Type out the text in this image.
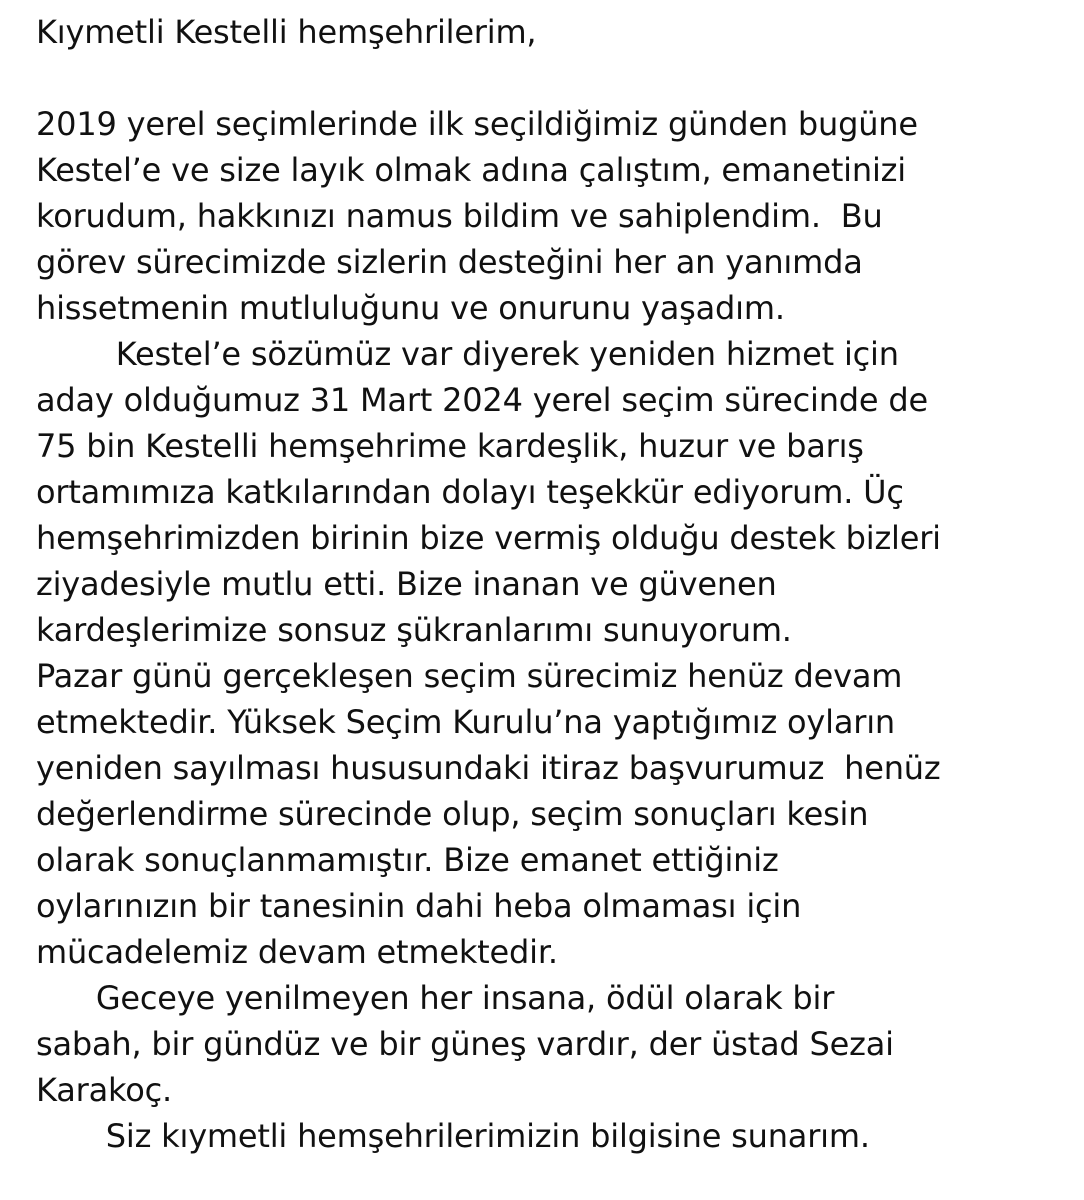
Kıymetli Kestelli hemşehrilerim,

2019 yerel seçimlerinde ilk seçildiğimiz günden bugüne

Kestel’e ve size layık olmak adına çalıştım, emanetinizi

korudum, hakkınızı namus bildim ve sahiplendim.  Bu

görev sürecimizde sizlerin desteğini her an yanımda

hissetmenin mutluluğunu ve onurunu yaşadım.

Kestel’e sözümüz var diyerek yeniden hizmet için

aday olduğumuz 31 Mart 2024 yerel seçim sürecinde de

75 bin Kestelli hemşehrime kardeşlik, huzur ve barış

ortamımıza katkılarından dolayı teşekkür ediyorum. Üç

hemşehrimizden birinin bize vermiş olduğu destek bizleri

ziyadesiyle mutlu etti. Bize inanan ve güvenen

kardeşlerimize sonsuz şükranlarımı sunuyorum.

Pazar günü gerçekleşen seçim sürecimiz henüz devam

etmektedir. Yüksek Seçim Kurulu’na yaptığımız oyların

yeniden sayılması hususundaki itiraz başvurumuz  henüz

değerlendirme sürecinde olup, seçim sonuçları kesin

olarak sonuçlanmamıştır. Bize emanet ettiğiniz

oylarınızın bir tanesinin dahi heba olmaması için

mücadelemiz devam etmektedir.

Geceye yenilmeyen her insana, ödül olarak bir

sabah, bir gündüz ve bir güneş vardır, der üstad Sezai

Karakoç.

Siz kıymetli hemşehrilerimizin bilgisine sunarım.
